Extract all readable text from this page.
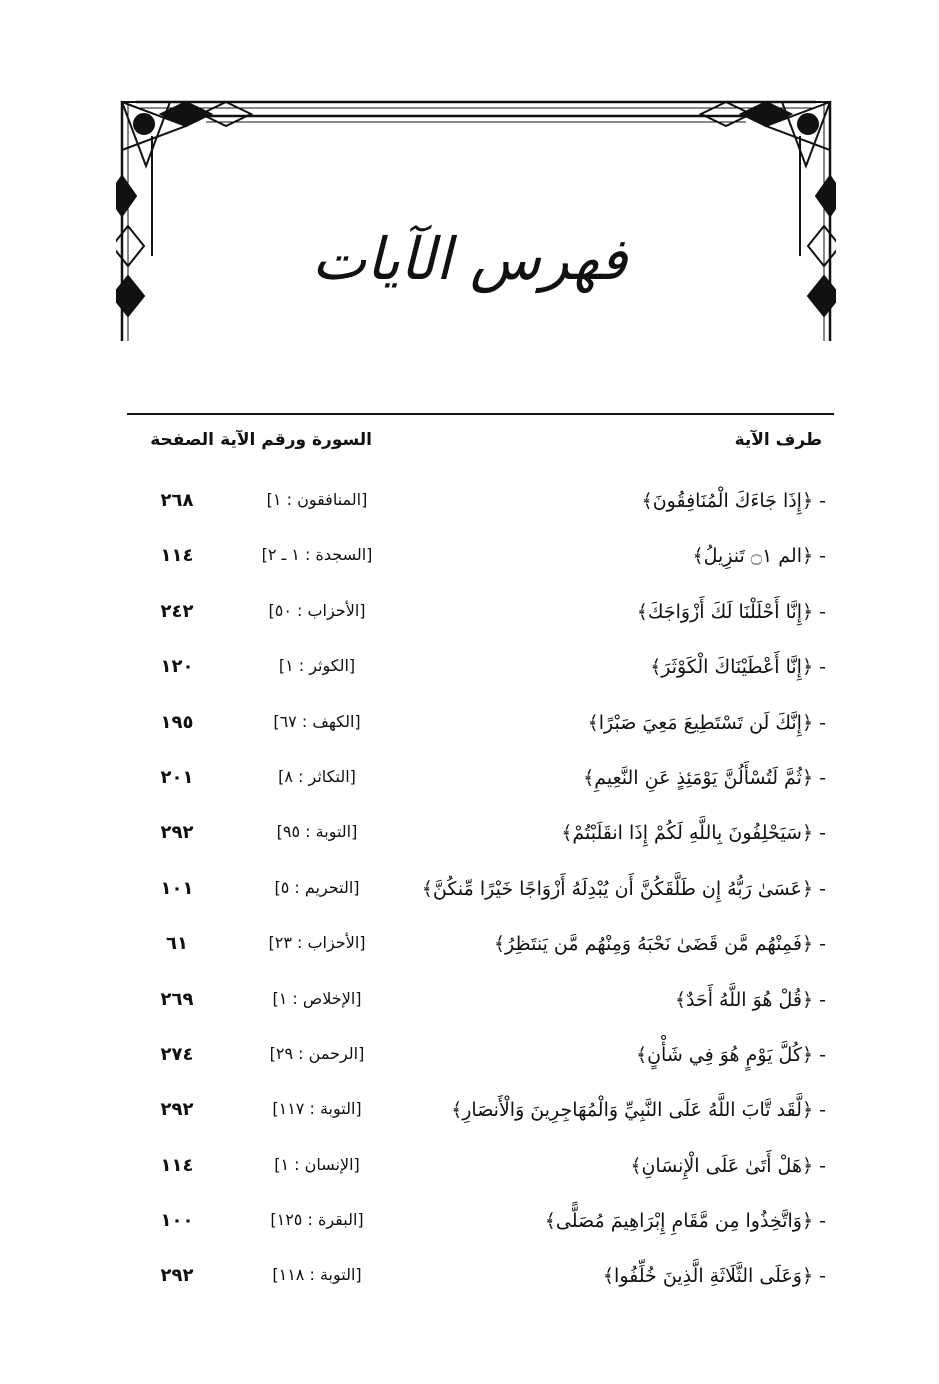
فهرس الآيات
الصفحة السورة ورقم الآية	طرف الآية
- ﴿إِذَا جَاءَكَ الْمُنَافِقُونَ﴾
[المنافقون : ١]
٢٦٨
- ﴿الم ۝١ تَنزِيلُ﴾
[السجدة : ١ ـ ٢]
١١٤
- ﴿إِنَّا أَحْلَلْنَا لَكَ أَزْوَاجَكَ﴾
[الأحزاب : ٥٠]
٢٤٢
- ﴿إِنَّا أَعْطَيْنَاكَ الْكَوْثَرَ﴾
[الكوثر : ١]
١٢٠
- ﴿إِنَّكَ لَن تَسْتَطِيعَ مَعِيَ صَبْرًا﴾
[الكهف : ٦٧]
١٩٥
- ﴿ثُمَّ لَتُسْأَلُنَّ يَوْمَئِذٍ عَنِ النَّعِيمِ﴾
[التكاثر : ٨]
٢٠١
- ﴿سَيَحْلِفُونَ بِاللَّهِ لَكُمْ إِذَا انقَلَبْتُمْ﴾
[التوبة : ٩٥]
٢٩٢
- ﴿عَسَىٰ رَبُّهُ إِن طَلَّقَكُنَّ أَن يُبْدِلَهُ أَزْوَاجًا خَيْرًا مِّنكُنَّ﴾
[التحريم : ٥]
١٠١
- ﴿فَمِنْهُم مَّن قَضَىٰ نَحْبَهُ وَمِنْهُم مَّن يَنتَظِرُ﴾
[الأحزاب : ٢٣]
٦١
- ﴿قُلْ هُوَ اللَّهُ أَحَدٌ﴾
[الإخلاص : ١]
٢٦٩
- ﴿كُلَّ يَوْمٍ هُوَ فِي شَأْنٍ﴾
[الرحمن : ٢٩]
٢٧٤
- ﴿لَّقَد تَّابَ اللَّهُ عَلَى النَّبِيِّ وَالْمُهَاجِرِينَ وَالْأَنصَارِ﴾
[التوبة : ١١٧]
٢٩٢
- ﴿هَلْ أَتَىٰ عَلَى الْإِنسَانِ﴾
[الإنسان : ١]
١١٤
- ﴿وَاتَّخِذُوا مِن مَّقَامِ إِبْرَاهِيمَ مُصَلًّى﴾
[البقرة : ١٢٥]
١٠٠
- ﴿وَعَلَى الثَّلَاثَةِ الَّذِينَ خُلِّفُوا﴾
[التوبة : ١١٨]
٢٩٢
